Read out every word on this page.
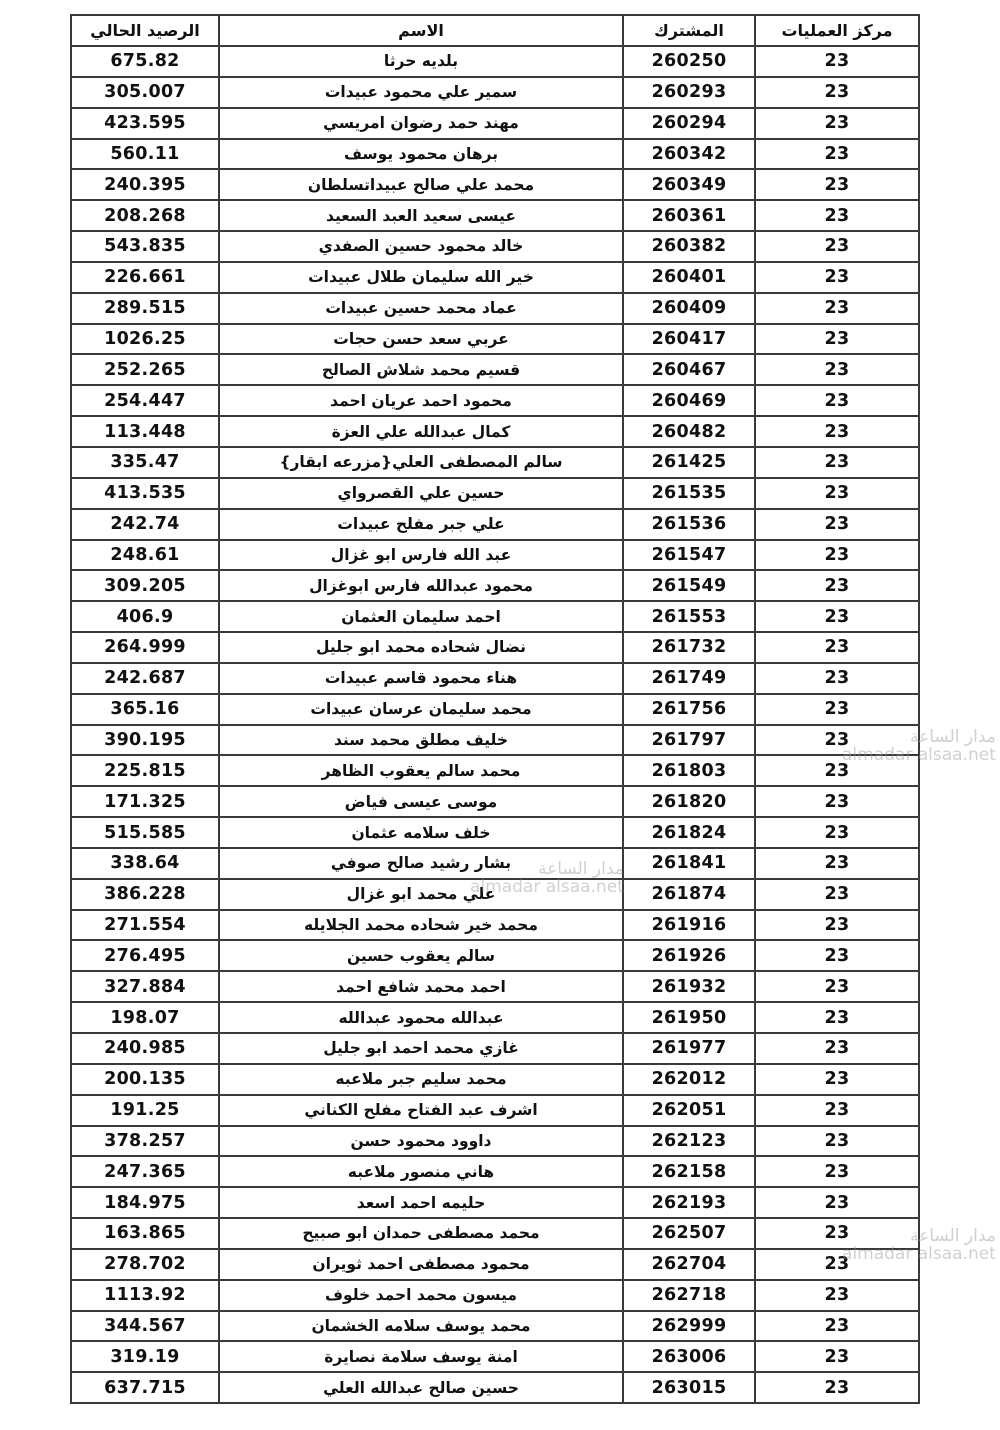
الرصيد الحالي	الاسم	المشترك	مركز العمليات
675.82	بلديه حرثا	260250	23
305.007	سمير علي محمود عبيدات	260293	23
423.595	مهند حمد رضوان امريسي	260294	23
560.11	برهان محمود يوسف	260342	23
240.395	محمد علي صالح عبيداتسلطان	260349	23
208.268	عيسى سعيد العبد السعيد	260361	23
543.835	خالد محمود حسين الصفدي	260382	23
226.661	خير الله سليمان طلال عبيدات	260401	23
289.515	عماد محمد حسين عبيدات	260409	23
1026.25	عربي سعد حسن حجات	260417	23
252.265	قسيم محمد شلاش الصالح	260467	23
254.447	محمود احمد عريان احمد	260469	23
113.448	كمال عبدالله علي العزة	260482	23
335.47	سالم المصطفى العلي{مزرعه ابقار}	261425	23
413.535	حسين علي القصرواي	261535	23
242.74	علي جبر مفلح عبيدات	261536	23
248.61	عبد الله فارس ابو غزال	261547	23
309.205	محمود عبدالله فارس ابوغزال	261549	23
406.9	احمد سليمان العثمان	261553	23
264.999	نضال شحاده محمد ابو جليل	261732	23
242.687	هناء محمود قاسم عبيدات	261749	23
365.16	محمد سليمان عرسان عبيدات	261756	23
390.195	خليف مطلق محمد سند	261797	23
225.815	محمد سالم يعقوب الظاهر	261803	23
171.325	موسى عيسى فياض	261820	23
515.585	خلف سلامه عثمان	261824	23
338.64	بشار رشيد صالح صوفي	261841	23
386.228	علي محمد ابو غزال	261874	23
271.554	محمد خير شحاده محمد الجلايله	261916	23
276.495	سالم يعقوب حسين	261926	23
327.884	احمد محمد شافع احمد	261932	23
198.07	عبدالله محمود عبدالله	261950	23
240.985	غازي محمد احمد ابو جليل	261977	23
200.135	محمد سليم جبر ملاعبه	262012	23
191.25	اشرف عبد الفتاح مفلح الكناني	262051	23
378.257	داوود محمود حسن	262123	23
247.365	هاني منصور ملاعبه	262158	23
184.975	حليمه احمد اسعد	262193	23
163.865	محمد مصطفى حمدان ابو صبيح	262507	23
278.702	محمود مصطفى احمد ثويران	262704	23
1113.92	ميسون محمد احمد خلوف	262718	23
344.567	محمد يوسف سلامه الخشمان	262999	23
319.19	امنة يوسف سلامة نصايرة	263006	23
637.715	حسين صالح عبدالله العلي	263015	23
مدار الساعة
almadar alsaa.net
مدار الساعة
almadar alsaa.net
مدار الساعة
almadar alsaa.net
